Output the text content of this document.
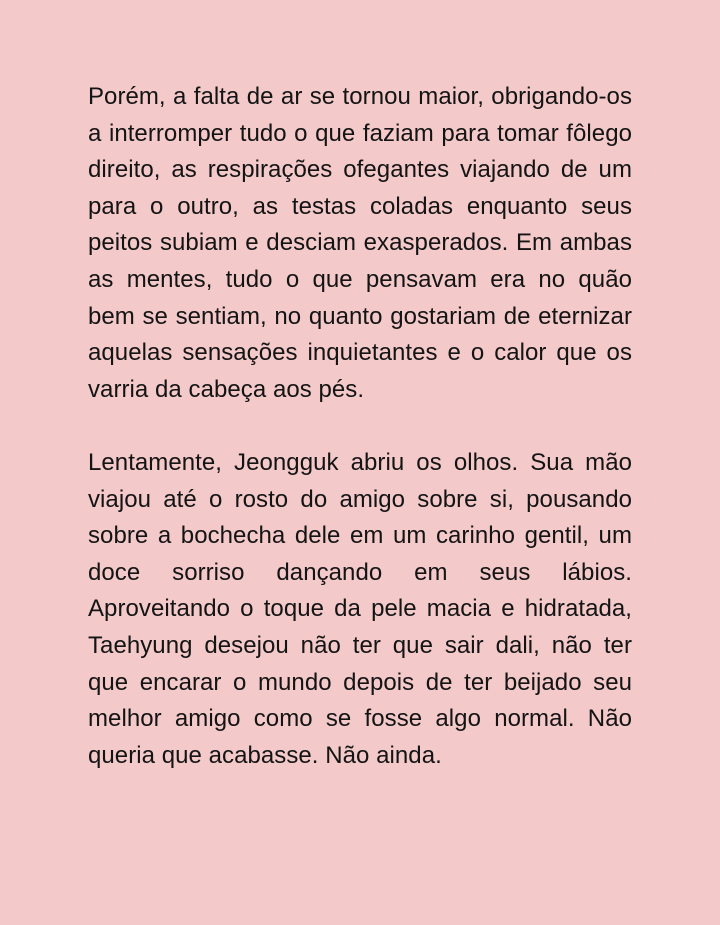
Porém, a falta de ar se tornou maior, obrigando-os a interromper tudo o que faziam para tomar fôlego direito, as respirações ofegantes viajando de um para o outro, as testas coladas enquanto seus peitos subiam e desciam exasperados. Em ambas as mentes, tudo o que pensavam era no quão bem se sentiam, no quanto gostariam de eternizar aquelas sensações inquietantes e o calor que os varria da cabeça aos pés.

Lentamente, Jeongguk abriu os olhos. Sua mão viajou até o rosto do amigo sobre si, pousando sobre a bochecha dele em um carinho gentil, um doce sorriso dançando em seus lábios. Aproveitando o toque da pele macia e hidratada, Taehyung desejou não ter que sair dali, não ter que encarar o mundo depois de ter beijado seu melhor amigo como se fosse algo normal. Não queria que acabasse. Não ainda.
